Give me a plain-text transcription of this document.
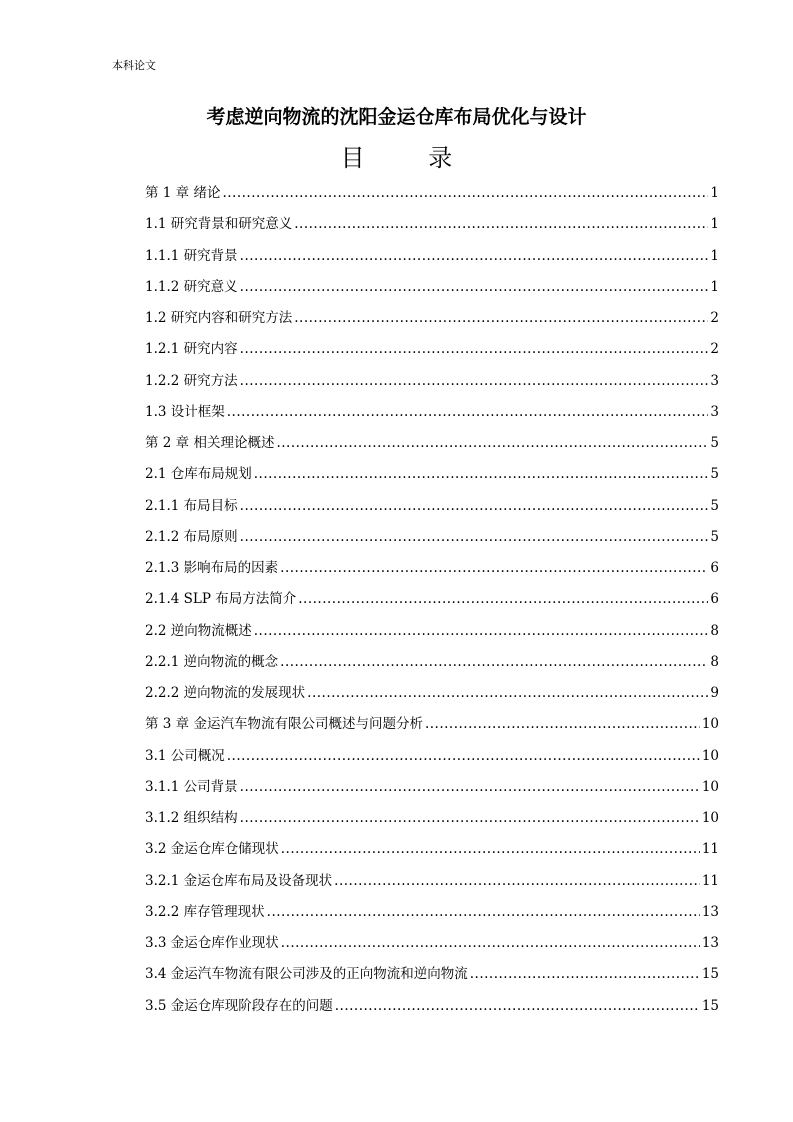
本科论文
考虑逆向物流的沈阳金运仓库布局优化与设计
目 录
第 1 章 绪论 .....	1
1.1 研究背景和研究意义 .....	1
1.1.1 研究背景 .....	1
1.1.2 研究意义 .....	1
1.2 研究内容和研究方法 .....	2
1.2.1 研究内容 .....	2
1.2.2 研究方法 .....	3
1.3 设计框架 .....	3
第 2 章 相关理论概述 .....	5
2.1 仓库布局规划 .....	5
2.1.1 布局目标 .....	5
2.1.2 布局原则 .....	5
2.1.3 影响布局的因素 .....	6
2.1.4 SLP 布局方法简介 .....	6
2.2 逆向物流概述 .....	8
2.2.1 逆向物流的概念 .....	8
2.2.2 逆向物流的发展现状 .....	9
第 3 章 金运汽车物流有限公司概述与问题分析 .....	10
3.1 公司概况 .....	10
3.1.1 公司背景 .....	10
3.1.2 组织结构 .....	10
3.2 金运仓库仓储现状 .....	11
3.2.1 金运仓库布局及设备现状 .....	11
3.2.2 库存管理现状 .....	13
3.3 金运仓库作业现状 .....	13
3.4 金运汽车物流有限公司涉及的正向物流和逆向物流 .....	15
3.5 金运仓库现阶段存在的问题 .....	15
